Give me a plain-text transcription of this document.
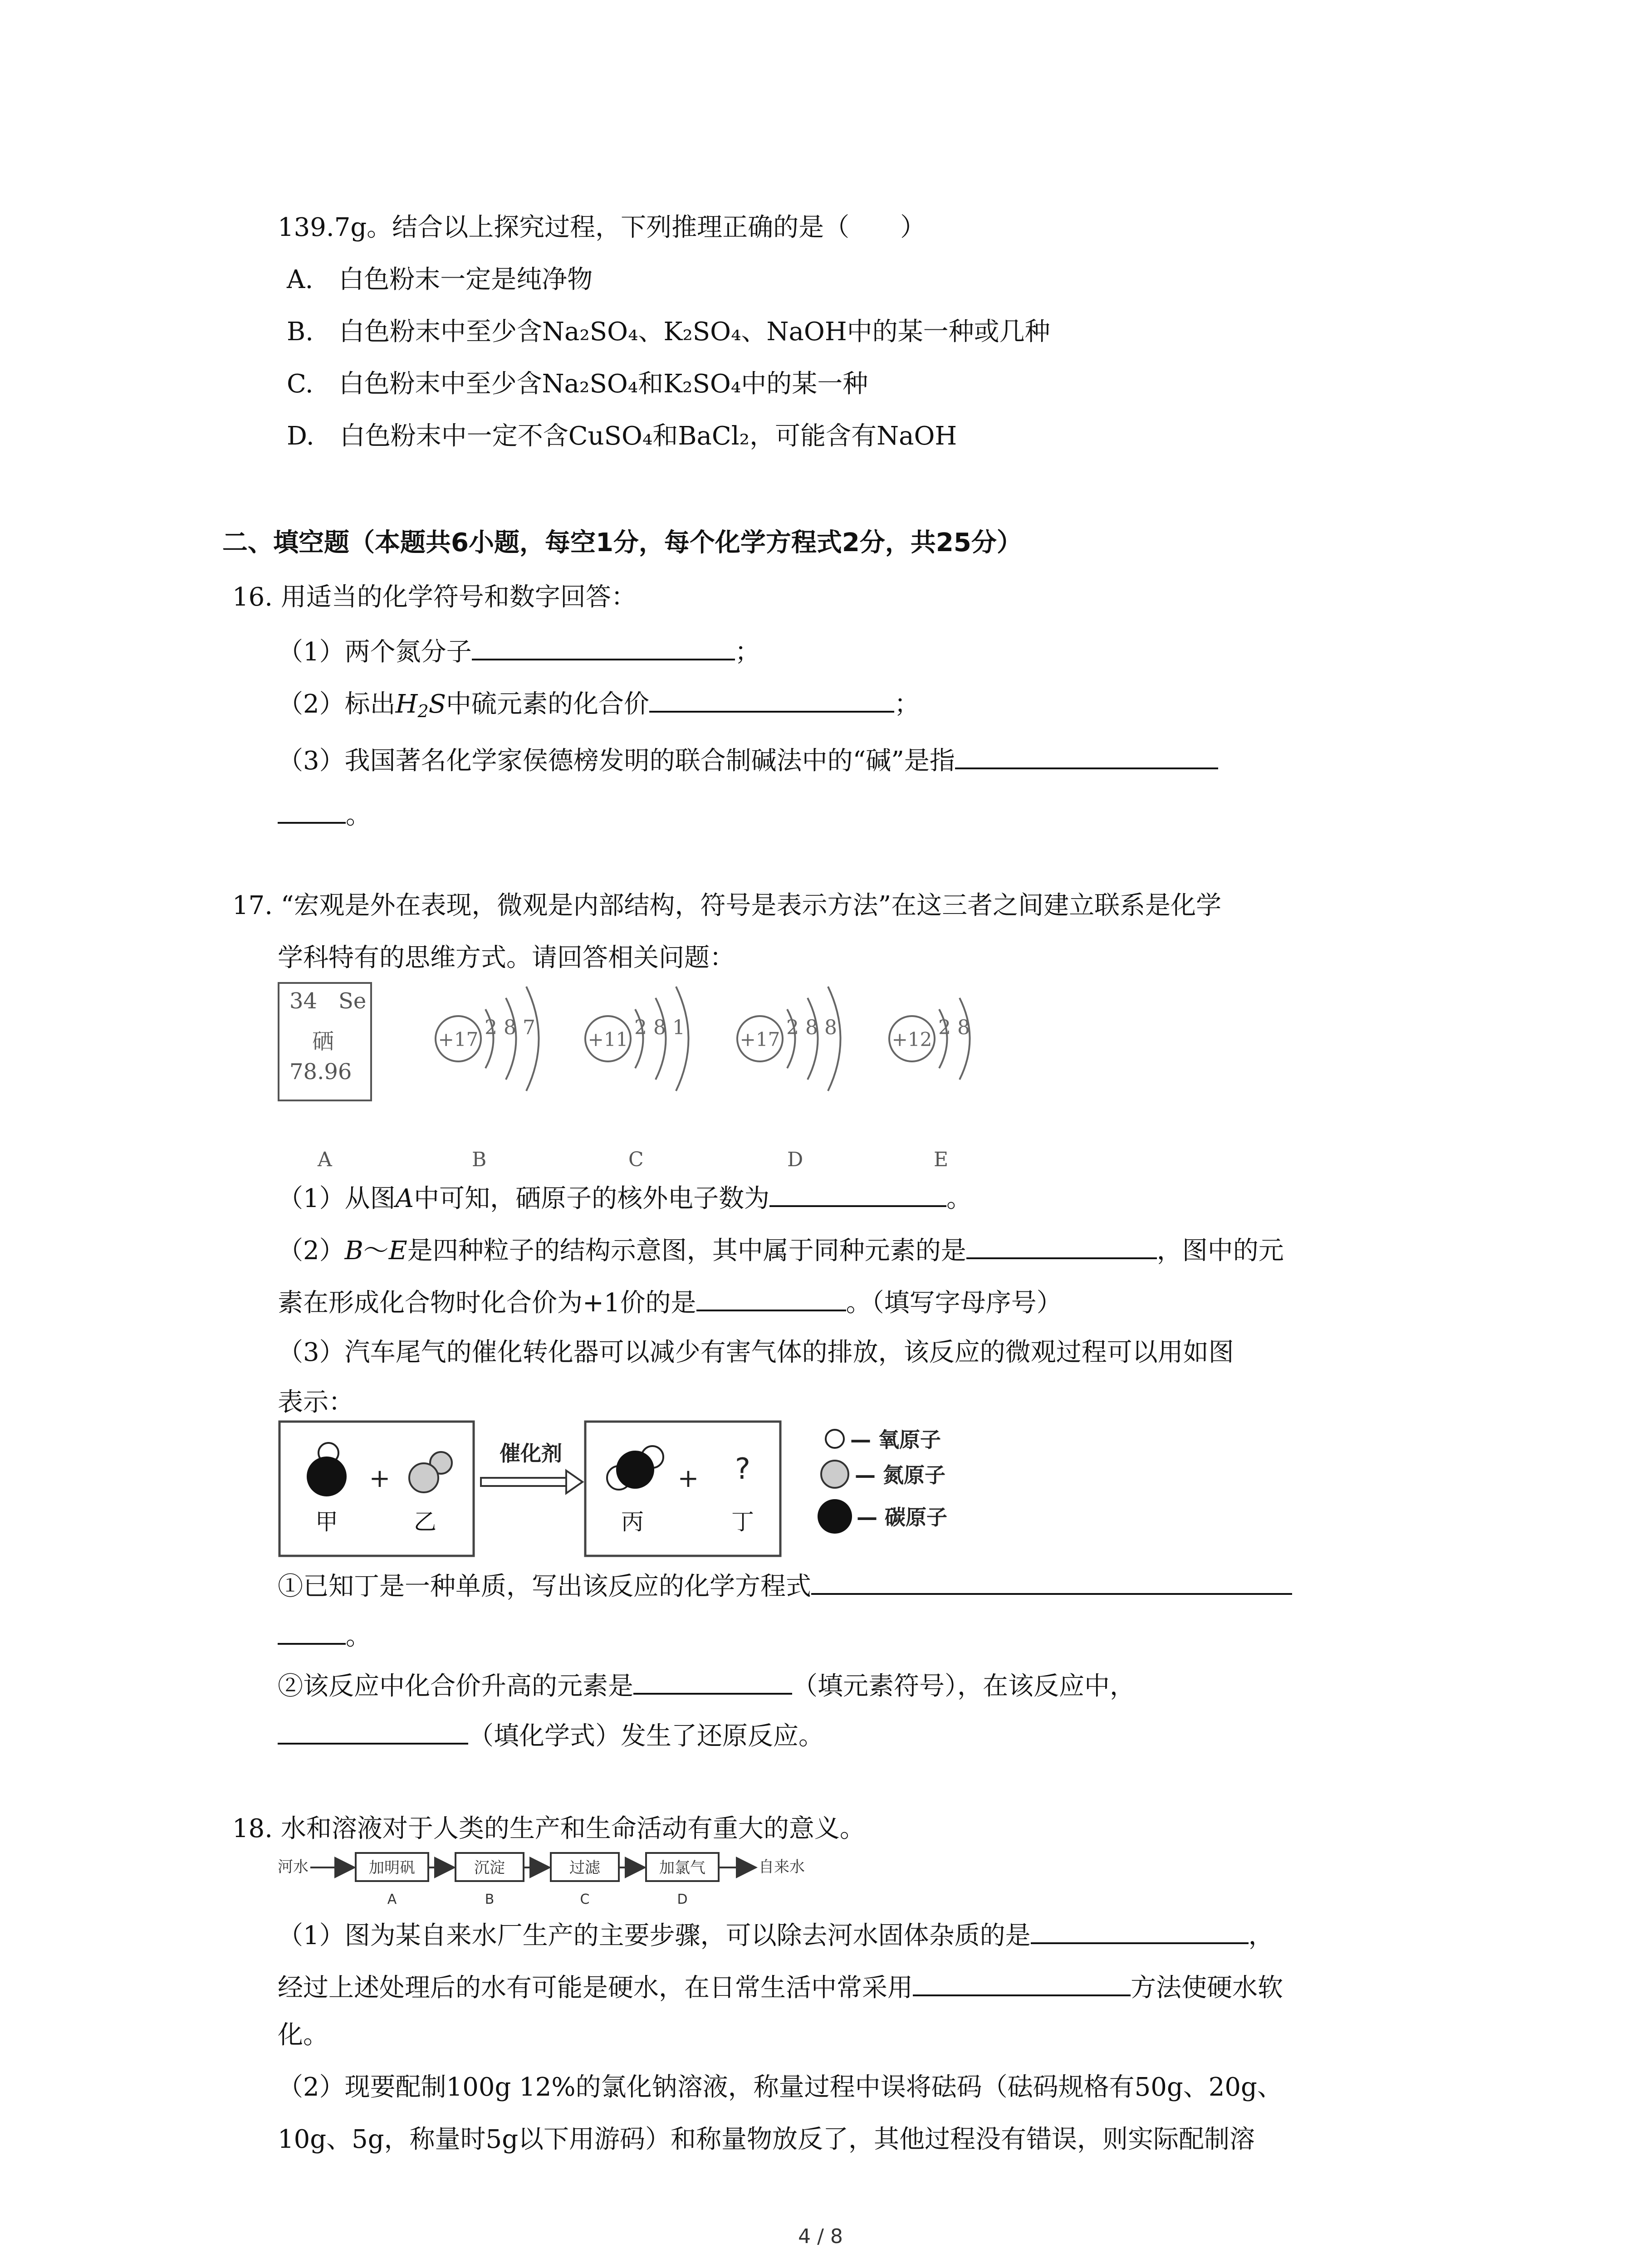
139.7g。结合以上探究过程，下列推理正确的是（　　）
A.　白色粉末一定是纯净物
B.　白色粉末中至少含Na₂SO₄、K₂SO₄、NaOH中的某一种或几种
C.　白色粉末中至少含Na₂SO₄和K₂SO₄中的某一种
D.　白色粉末中一定不含CuSO₄和BaCl₂，可能含有NaOH
二、填空题（本题共6小题，每空1分，每个化学方程式2分，共25分）
16. 用适当的化学符号和数字回答：
（1）两个氮分子	；
（2）标出$H_2S$中硫元素的化合价	；
（3）我国著名化学家侯德榜发明的联合制碱法中的“碱”是指
。
17. “宏观是外在表现，微观是内部结构，符号是表示方法”在这三者之间建立联系是化学
学科特有的思维方式。请回答相关问题：
34 Se
硒
78.96
+17
2 8 7
+11
2 8 1
+17
2 8 8
+12
2 8
A	B	C	D	E
（1）从图A中可知，硒原子的核外电子数为	。
（2）B～E是四种粒子的结构示意图，其中属于同种元素的是	，图中的元
素在形成化合物时化合价为+1价的是	。（填写字母序号）
（3）汽车尾气的催化转化器可以减少有害气体的排放，该反应的微观过程可以用如图
表示：
+
甲	乙
催化剂
+ ?
丙	丁
— 氧原子
— 氮原子
— 碳原子
①已知丁是一种单质，写出该反应的化学方程式
。
②该反应中化合价升高的元素是	（填元素符号），在该反应中，
（填化学式）发生了还原反应。
18. 水和溶液对于人类的生产和生命活动有重大的意义。
河水	加明矾
A
沉淀
B
过滤
C
加氯气
D
自来水
（1）图为某自来水厂生产的主要步骤，可以除去河水固体杂质的是	，
经过上述处理后的水有可能是硬水，在日常生活中常采用	方法使硬水软
化。
（2）现要配制100g 12%的氯化钠溶液，称量过程中误将砝码（砝码规格有50g、20g、
10g、5g，称量时5g以下用游码）和称量物放反了，其他过程没有错误，则实际配制溶
4 / 8
